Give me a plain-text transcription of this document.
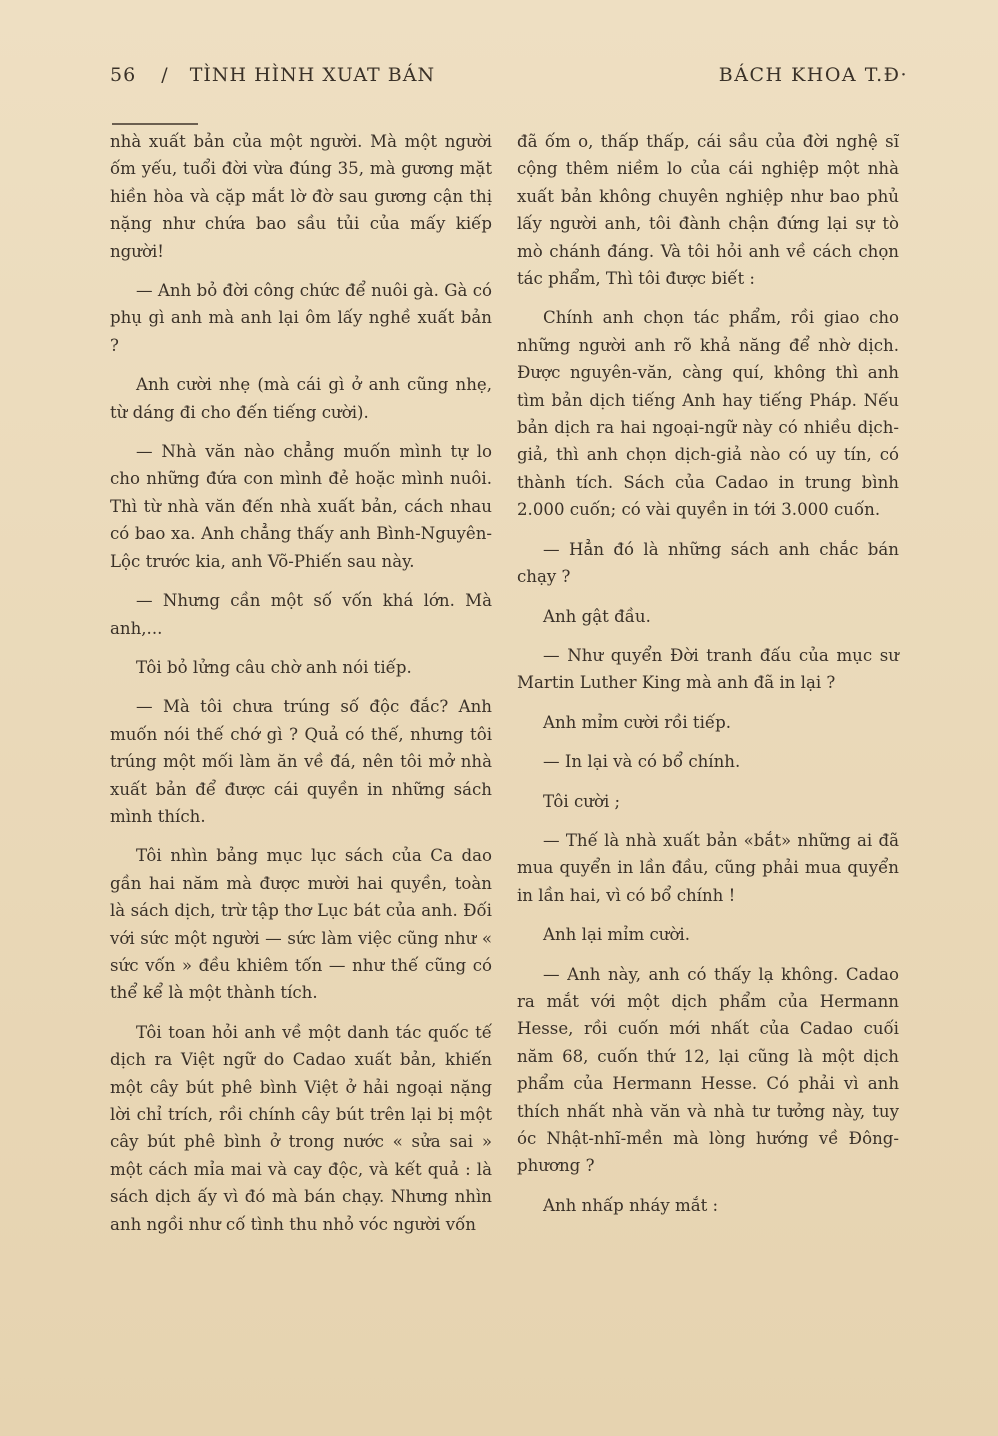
56 / TÌNH HÌNH XUAT BÁN	BÁCH KHOA T.Đ·

nhà xuất bản của một người. Mà một người ốm yếu, tuổi đời vừa đúng 35, mà gương mặt hiền hòa và cặp mắt lờ đờ sau gương cận thị nặng như chứa bao sầu tủi của mấy kiếp người!

— Anh bỏ đời công chức để nuôi gà. Gà có phụ gì anh mà anh lại ôm lấy nghề xuất bản ?

Anh cười nhẹ (mà cái gì ở anh cũng nhẹ, từ dáng đi cho đến tiếng cười).

— Nhà văn nào chẳng muốn mình tự lo cho những đứa con mình đẻ hoặc mình nuôi. Thì từ nhà văn đến nhà xuất bản, cách nhau có bao xa. Anh chẳng thấy anh Bình-Nguyên-Lộc trước kia, anh Võ-Phiến sau này.

— Nhưng cần một số vốn khá lớn. Mà anh,...

Tôi bỏ lửng câu chờ anh nói tiếp.

— Mà tôi chưa trúng số độc đắc? Anh muốn nói thế chớ gì ? Quả có thế, nhưng tôi trúng một mối làm ăn về đá, nên tôi mở nhà xuất bản để được cái quyền in những sách mình thích.

Tôi nhìn bảng mục lục sách của Ca dao gần hai năm mà được mười hai quyền, toàn là sách dịch, trừ tập thơ Lục bát của anh. Đối với sức một người — sức làm việc cũng như « sức vốn » đều khiêm tốn — như thế cũng có thể kể là một thành tích.

Tôi toan hỏi anh về một danh tác quốc tế dịch ra Việt ngữ do Cadao xuất bản, khiến một cây bút phê bình Việt ở hải ngoại nặng lời chỉ trích, rồi chính cây bút trên lại bị một cây bút phê bình ở trong nước « sửa sai » một cách mỉa mai và cay độc, và kết quả : là sách dịch ấy vì đó mà bán chạy. Nhưng nhìn anh ngồi như cố tình thu nhỏ vóc người vốn

đã ốm o, thấp thấp, cái sầu của đời nghệ sĩ cộng thêm niềm lo của cái nghiệp một nhà xuất bản không chuyên nghiệp như bao phủ lấy người anh, tôi đành chận đứng lại sự tò mò chánh đáng. Và tôi hỏi anh về cách chọn tác phẩm, Thì tôi được biết :

Chính anh chọn tác phẩm, rồi giao cho những người anh rõ khả năng để nhờ dịch. Được nguyên-văn, càng quí, không thì anh tìm bản dịch tiếng Anh hay tiếng Pháp. Nếu bản dịch ra hai ngoại-ngữ này có nhiều dịch-giả, thì anh chọn dịch-giả nào có uy tín, có thành tích. Sách của Cadao in trung bình 2.000 cuốn; có vài quyền in tới 3.000 cuốn.

— Hẳn đó là những sách anh chắc bán chạy ?

Anh gật đầu.

— Như quyển Đời tranh đấu của mục sư Martin Luther King mà anh đã in lại ?

Anh mỉm cười rồi tiếp.

— In lại và có bổ chính.

Tôi cười ;

— Thế là nhà xuất bản «bắt» những ai đã mua quyển in lần đầu, cũng phải mua quyển in lần hai, vì có bổ chính !

Anh lại mỉm cười.

— Anh này, anh có thấy lạ không. Cadao ra mắt với một dịch phẩm của Hermann Hesse, rồi cuốn mới nhất của Cadao cuối năm 68, cuốn thứ 12, lại cũng là một dịch phẩm của Hermann Hesse. Có phải vì anh thích nhất nhà văn và nhà tư tưởng này, tuy óc Nhật-nhĩ-mền mà lòng hướng về Đông-phương ?

Anh nhấp nháy mắt :
